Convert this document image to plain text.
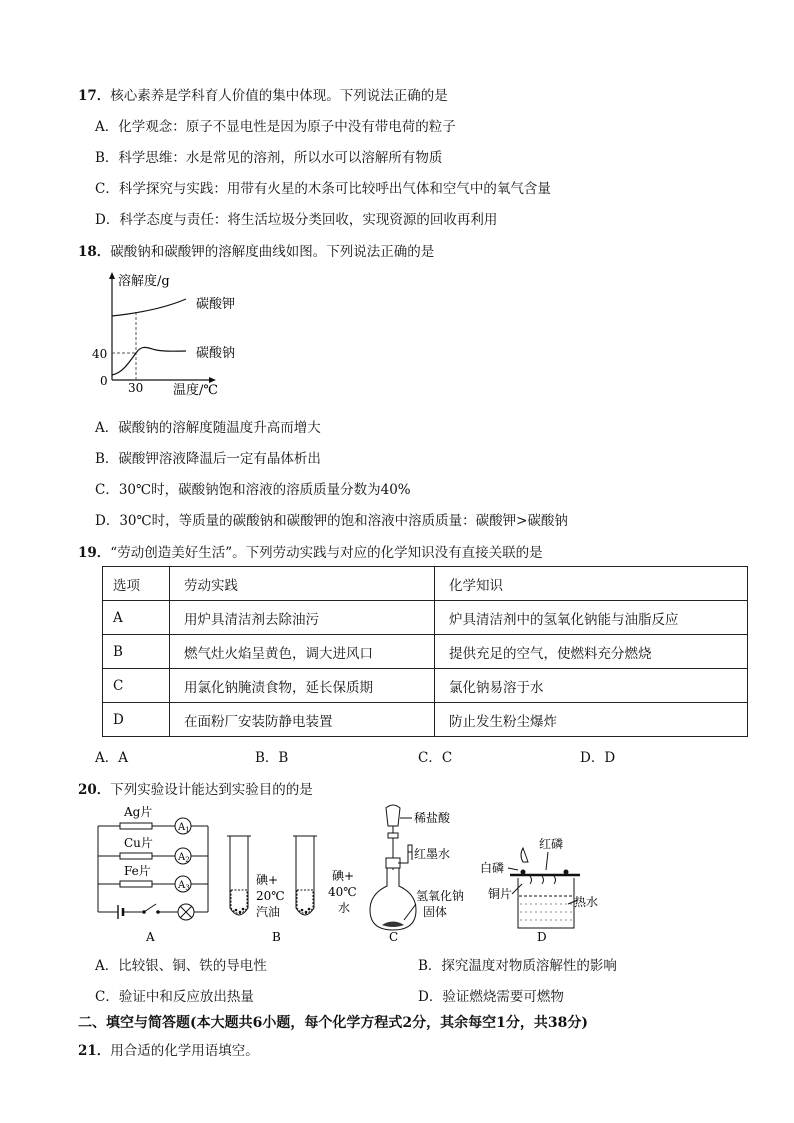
17．核心素养是学科育人价值的集中体现。下列说法正确的是
A．化学观念：原子不显电性是因为原子中没有带电荷的粒子
B．科学思维：水是常见的溶剂，所以水可以溶解所有物质
C．科学探究与实践：用带有火星的木条可比较呼出气体和空气中的氧气含量
D．科学态度与责任：将生活垃圾分类回收，实现资源的回收再利用
18．碳酸钠和碳酸钾的溶解度曲线如图。下列说法正确的是
溶解度/g
温度/℃
0
40
30
碳酸钾
碳酸钠
A．碳酸钠的溶解度随温度升高而增大
B．碳酸钾溶液降温后一定有晶体析出
C．30℃时，碳酸钠饱和溶液的溶质质量分数为40%
D．30℃时，等质量的碳酸钠和碳酸钾的饱和溶液中溶质质量：碳酸钾>碳酸钠
19．“劳动创造美好生活”。下列劳动实践与对应的化学知识没有直接关联的是
选项	劳动实践	化学知识
A	用炉具清洁剂去除油污	炉具清洁剂中的氢氧化钠能与油脂反应
B	燃气灶火焰呈黄色，调大进风口	提供充足的空气，使燃料充分燃烧
C	用氯化钠腌渍食物，延长保质期	氯化钠易溶于水
D	在面粉厂安装防静电装置	防止发生粉尘爆炸
A．A	B．B	C．C	D．D
20．下列实验设计能达到实验目的的是
Ag片
Cu片
Fe片
$A_1$
$A_2$
$A_3$
A
碘+
20℃
汽油
碘+
40℃
水
B
稀盐酸
红墨水
氢氧化钠
固体
C
红磷
白磷
铜片
热水
D
A．比较银、铜、铁的导电性	B．探究温度对物质溶解性的影响
C．验证中和反应放出热量	D．验证燃烧需要可燃物
二、填空与简答题(本大题共6小题，每个化学方程式2分，其余每空1分，共38分)
21．用合适的化学用语填空。
